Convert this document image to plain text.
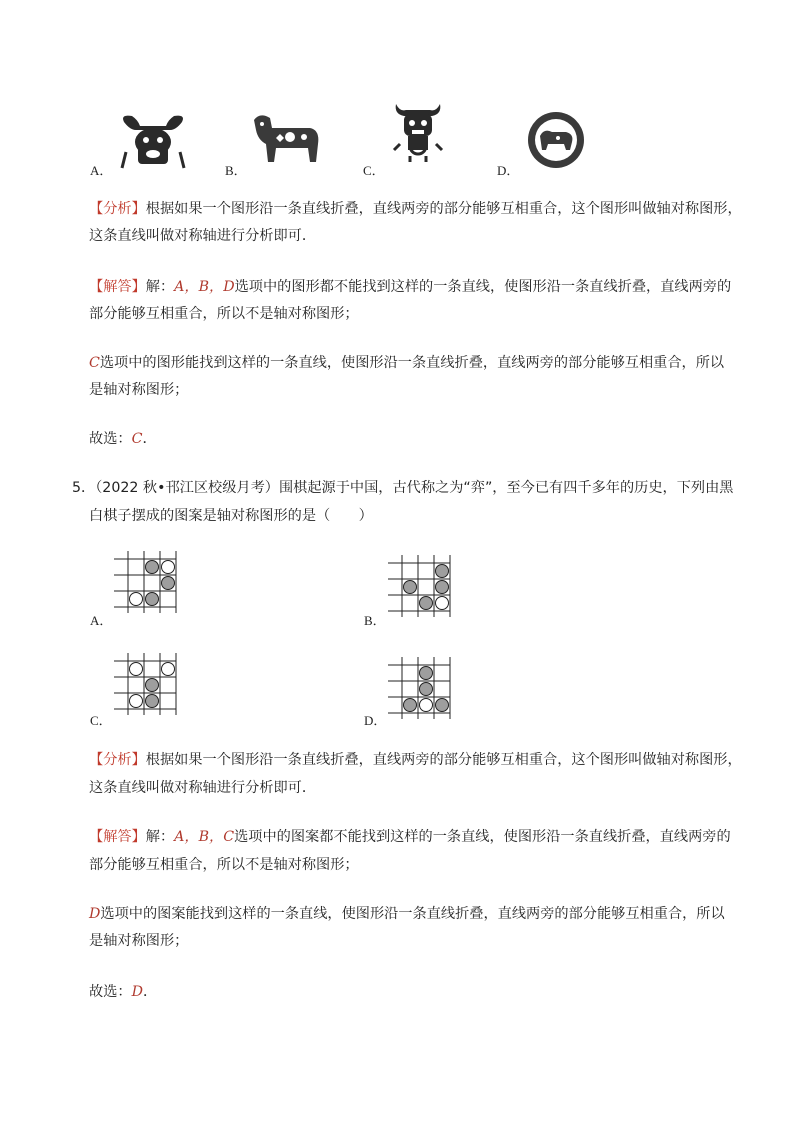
A．	B．	C．	D．
【分析】根据如果一个图形沿一条直线折叠，直线两旁的部分能够互相重合，这个图形叫做轴对称图形，
这条直线叫做对称轴进行分析即可．
【解答】解：A，B，D选项中的图形都不能找到这样的一条直线，使图形沿一条直线折叠，直线两旁的
部分能够互相重合，所以不是轴对称图形；
C选项中的图形能找到这样的一条直线，使图形沿一条直线折叠，直线两旁的部分能够互相重合，所以
是轴对称图形；
故选：C．
5．（2022 秋•邗江区校级月考）围棋起源于中国，古代称之为“弈”，至今已有四千多年的历史，下列由黑
白棋子摆成的图案是轴对称图形的是（　　）
A．	B．
C．	D．
【分析】根据如果一个图形沿一条直线折叠，直线两旁的部分能够互相重合，这个图形叫做轴对称图形，
这条直线叫做对称轴进行分析即可．
【解答】解：A，B，C选项中的图案都不能找到这样的一条直线，使图形沿一条直线折叠，直线两旁的
部分能够互相重合，所以不是轴对称图形；
D选项中的图案能找到这样的一条直线，使图形沿一条直线折叠，直线两旁的部分能够互相重合，所以
是轴对称图形；
故选：D．
